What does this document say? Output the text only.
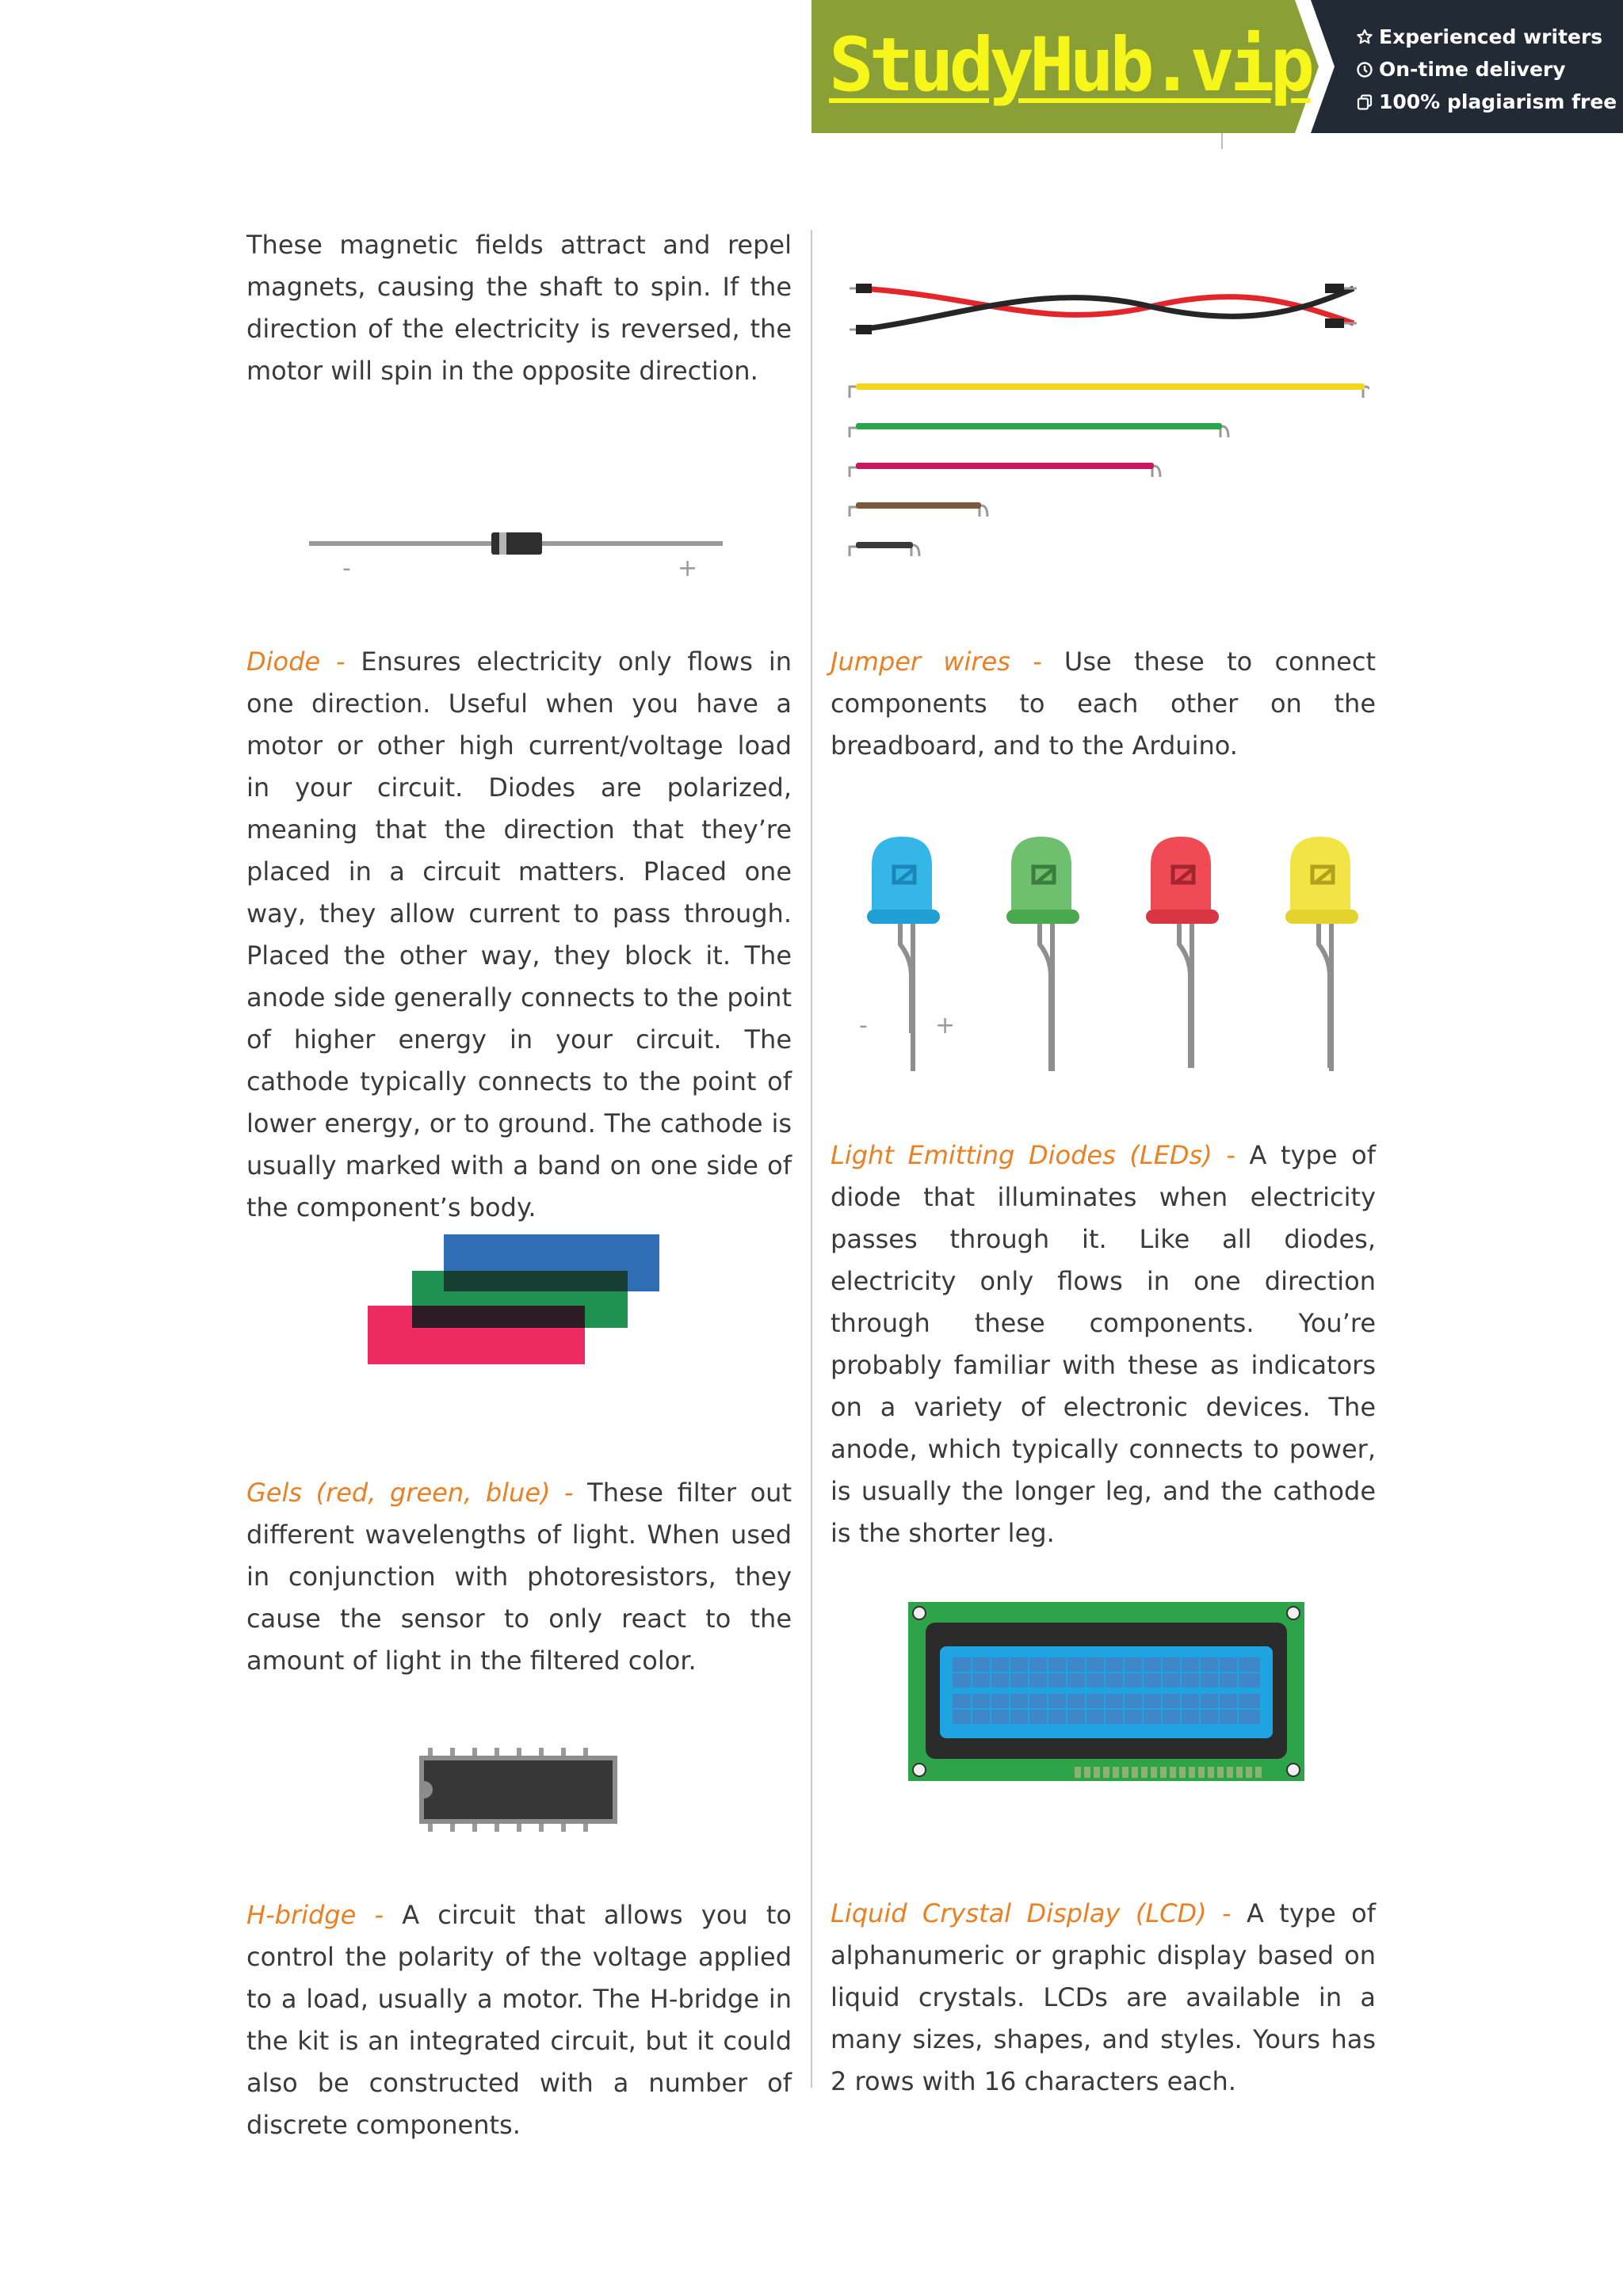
StudyHub.vip	Experienced writers
On-time delivery
100% plagiarism free

These magnetic fields attract and repel magnets, causing the shaft to spin. If the direction of the electricity is reversed, the motor will spin in the opposite direction.

-	+

Diode - Ensures electricity only flows in one direction. Useful when you have a motor or other high current/voltage load in your circuit. Diodes are polarized, meaning that the direction that they’re placed in a circuit matters. Placed one way, they allow current to pass through. Placed the other way, they block it. The anode side generally connects to the point of higher energy in your circuit. The cathode typically connects to the point of lower energy, or to ground. The cathode is usually marked with a band on one side of the component’s body.

Gels (red, green, blue) - These filter out different wavelengths of light. When used in conjunction with photoresistors, they cause the sensor to only react to the amount of light in the filtered color.

H-bridge - A circuit that allows you to control the polarity of the voltage applied to a load, usually a motor. The H-bridge in the kit is an integrated circuit, but it could also be constructed with a number of discrete components.

Jumper wires - Use these to connect components to each other on the breadboard, and to the Arduino.

-	+

Light Emitting Diodes (LEDs) - A type of diode that illuminates when electricity passes through it. Like all diodes, electricity only flows in one direction through these components. You’re probably familiar with these as indicators on a variety of electronic devices. The anode, which typically connects to power, is usually the longer leg, and the cathode is the shorter leg.

Liquid Crystal Display (LCD) - A type of alphanumeric or graphic display based on liquid crystals. LCDs are available in a many sizes, shapes, and styles. Yours has 2 rows with 16 characters each.
